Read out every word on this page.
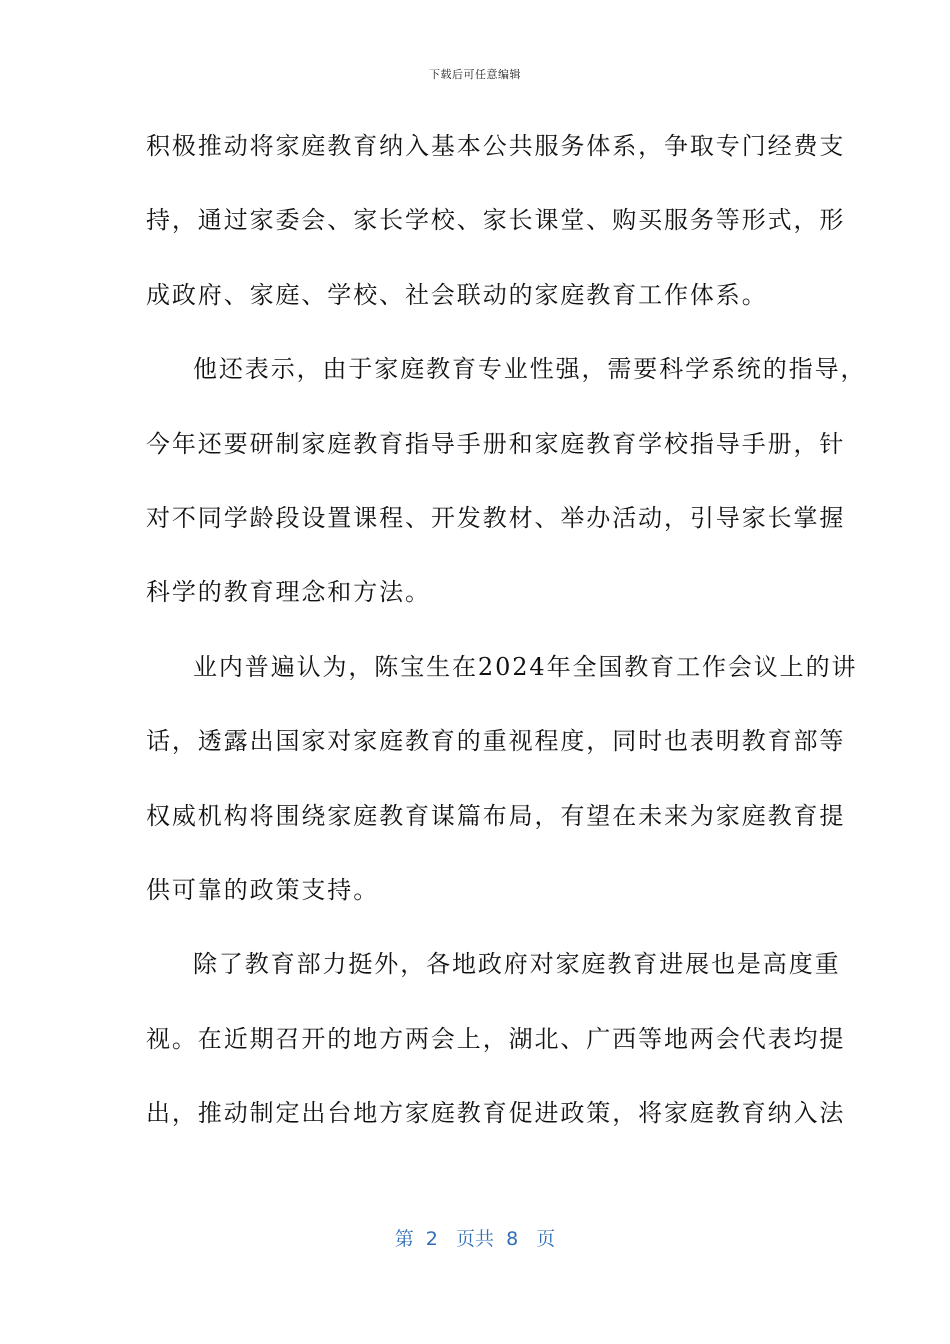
下载后可任意编辑
积极推动将家庭教育纳入基本公共服务体系，争取专门经费支
持，通过家委会、家长学校、家长课堂、购买服务等形式，形
成政府、家庭、学校、社会联动的家庭教育工作体系。
他还表示，由于家庭教育专业性强，需要科学系统的指导，
今年还要研制家庭教育指导手册和家庭教育学校指导手册，针
对不同学龄段设置课程、开发教材、举办活动，引导家长掌握
科学的教育理念和方法。
业内普遍认为，陈宝生在2024年全国教育工作会议上的讲
话，透露出国家对家庭教育的重视程度，同时也表明教育部等
权威机构将围绕家庭教育谋篇布局，有望在未来为家庭教育提
供可靠的政策支持。
除了教育部力挺外，各地政府对家庭教育进展也是高度重
视。在近期召开的地方两会上，湖北、广西等地两会代表均提
出，推动制定出台地方家庭教育促进政策，将家庭教育纳入法
第  2   页共  8   页
